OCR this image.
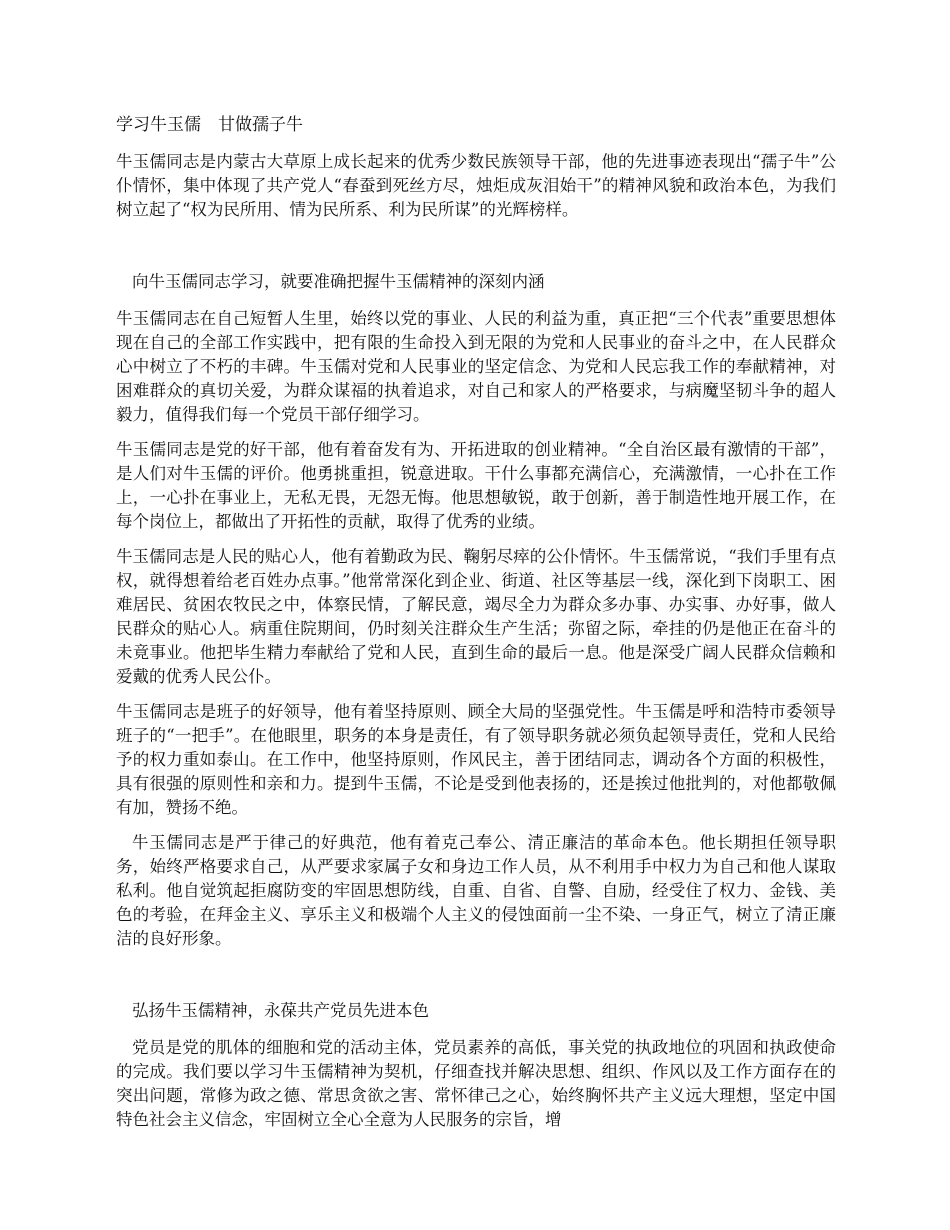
学习牛玉儒　甘做孺子牛

牛玉儒同志是内蒙古大草原上成长起来的优秀少数民族领导干部，他的先进事迹表现出“孺子牛”公仆情怀，集中体现了共产党人“春蚕到死丝方尽，烛炬成灰泪始干”的精神风貌和政治本色，为我们树立起了“权为民所用、情为民所系、利为民所谋”的光辉榜样。

向牛玉儒同志学习，就要准确把握牛玉儒精神的深刻内涵

牛玉儒同志在自己短暂人生里，始终以党的事业、人民的利益为重，真正把“三个代表”重要思想体现在自己的全部工作实践中，把有限的生命投入到无限的为党和人民事业的奋斗之中，在人民群众心中树立了不朽的丰碑。牛玉儒对党和人民事业的坚定信念、为党和人民忘我工作的奉献精神，对困难群众的真切关爱，为群众谋福的执着追求，对自己和家人的严格要求，与病魔坚韧斗争的超人毅力，值得我们每一个党员干部仔细学习。

牛玉儒同志是党的好干部，他有着奋发有为、开拓进取的创业精神。“全自治区最有激情的干部”，是人们对牛玉儒的评价。他勇挑重担，锐意进取。干什么事都充满信心，充满激情，一心扑在工作上，一心扑在事业上，无私无畏，无怨无悔。他思想敏锐，敢于创新，善于制造性地开展工作，在每个岗位上，都做出了开拓性的贡献，取得了优秀的业绩。

牛玉儒同志是人民的贴心人，他有着勤政为民、鞠躬尽瘁的公仆情怀。牛玉儒常说，“我们手里有点权，就得想着给老百姓办点事。”他常常深化到企业、街道、社区等基层一线，深化到下岗职工、困难居民、贫困农牧民之中，体察民情，了解民意，竭尽全力为群众多办事、办实事、办好事，做人民群众的贴心人。病重住院期间，仍时刻关注群众生产生活；弥留之际，牵挂的仍是他正在奋斗的未竟事业。他把毕生精力奉献给了党和人民，直到生命的最后一息。他是深受广阔人民群众信赖和爱戴的优秀人民公仆。

牛玉儒同志是班子的好领导，他有着坚持原则、顾全大局的坚强党性。牛玉儒是呼和浩特市委领导班子的“一把手”。在他眼里，职务的本身是责任，有了领导职务就必须负起领导责任，党和人民给予的权力重如泰山。在工作中，他坚持原则，作风民主，善于团结同志，调动各个方面的积极性，具有很强的原则性和亲和力。提到牛玉儒，不论是受到他表扬的，还是挨过他批判的，对他都敬佩有加，赞扬不绝。

牛玉儒同志是严于律己的好典范，他有着克己奉公、清正廉洁的革命本色。他长期担任领导职务，始终严格要求自己，从严要求家属子女和身边工作人员，从不利用手中权力为自己和他人谋取私利。他自觉筑起拒腐防变的牢固思想防线，自重、自省、自警、自励，经受住了权力、金钱、美色的考验，在拜金主义、享乐主义和极端个人主义的侵蚀面前一尘不染、一身正气，树立了清正廉洁的良好形象。

弘扬牛玉儒精神，永葆共产党员先进本色

党员是党的肌体的细胞和党的活动主体，党员素养的高低，事关党的执政地位的巩固和执政使命的完成。我们要以学习牛玉儒精神为契机，仔细查找并解决思想、组织、作风以及工作方面存在的突出问题，常修为政之德、常思贪欲之害、常怀律己之心，始终胸怀共产主义远大理想，坚定中国特色社会主义信念，牢固树立全心全意为人民服务的宗旨，增
